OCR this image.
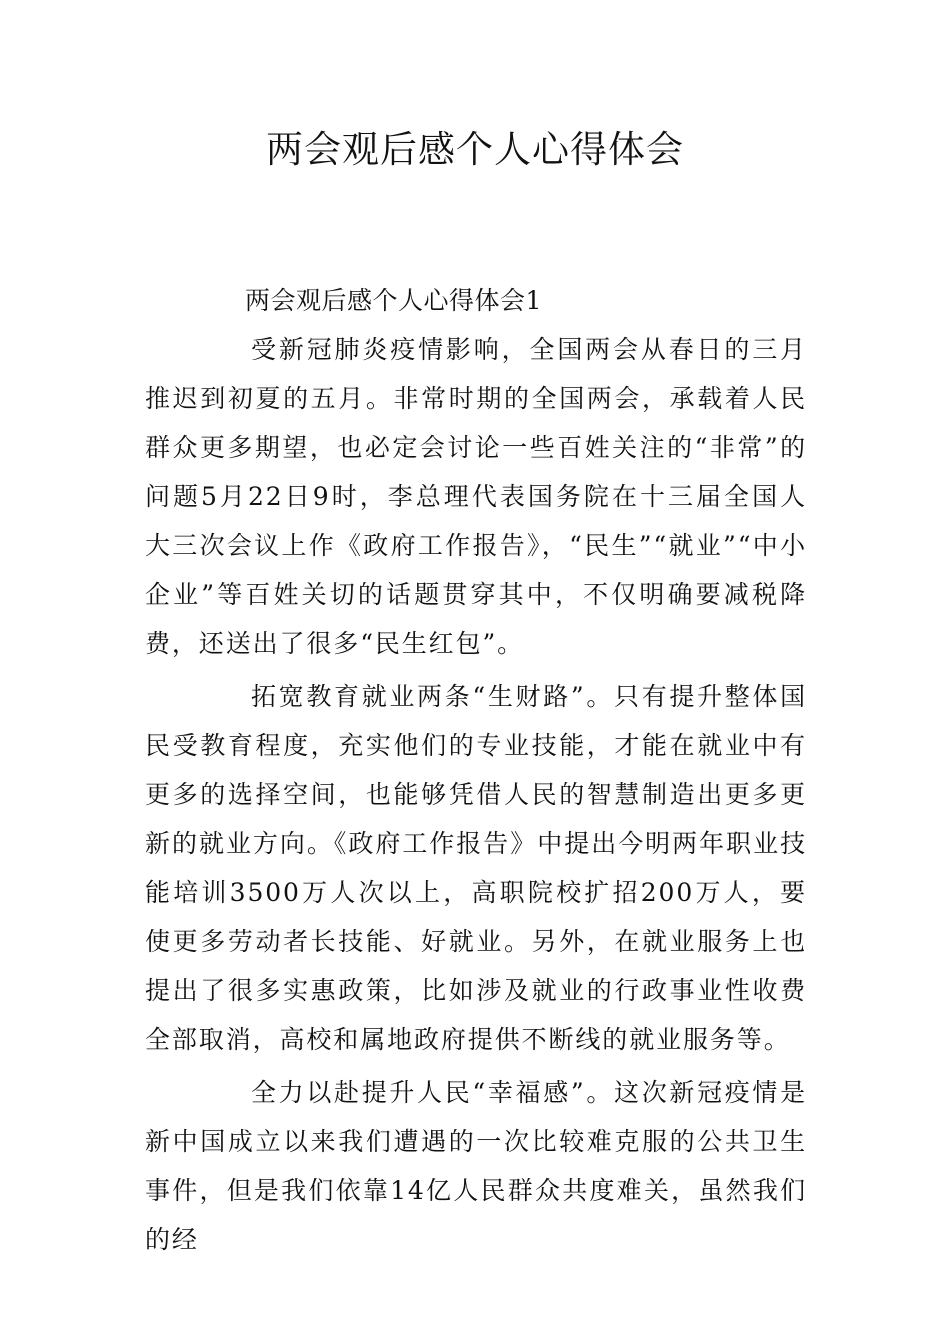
两会观后感个人心得体会
两会观后感个人心得体会1

受新冠肺炎疫情影响，全国两会从春日的三月推迟到初夏的五月。非常时期的全国两会，承载着人民群众更多期望，也必定会讨论一些百姓关注的“非常”的问题5月22日9时，李总理代表国务院在十三届全国人大三次会议上作《政府工作报告》，“民生”“就业”“中小企业”等百姓关切的话题贯穿其中，不仅明确要减税降费，还送出了很多“民生红包”。

拓宽教育就业两条“生财路”。只有提升整体国民受教育程度，充实他们的专业技能，才能在就业中有更多的选择空间，也能够凭借人民的智慧制造出更多更新的就业方向。《政府工作报告》中提出今明两年职业技能培训3500万人次以上，高职院校扩招200万人，要使更多劳动者长技能、好就业。另外，在就业服务上也提出了很多实惠政策，比如涉及就业的行政事业性收费全部取消，高校和属地政府提供不断线的就业服务等。

全力以赴提升人民“幸福感”。这次新冠疫情是新中国成立以来我们遭遇的一次比较难克服的公共卫生事件，但是我们依靠14亿人民群众共度难关，虽然我们的经
